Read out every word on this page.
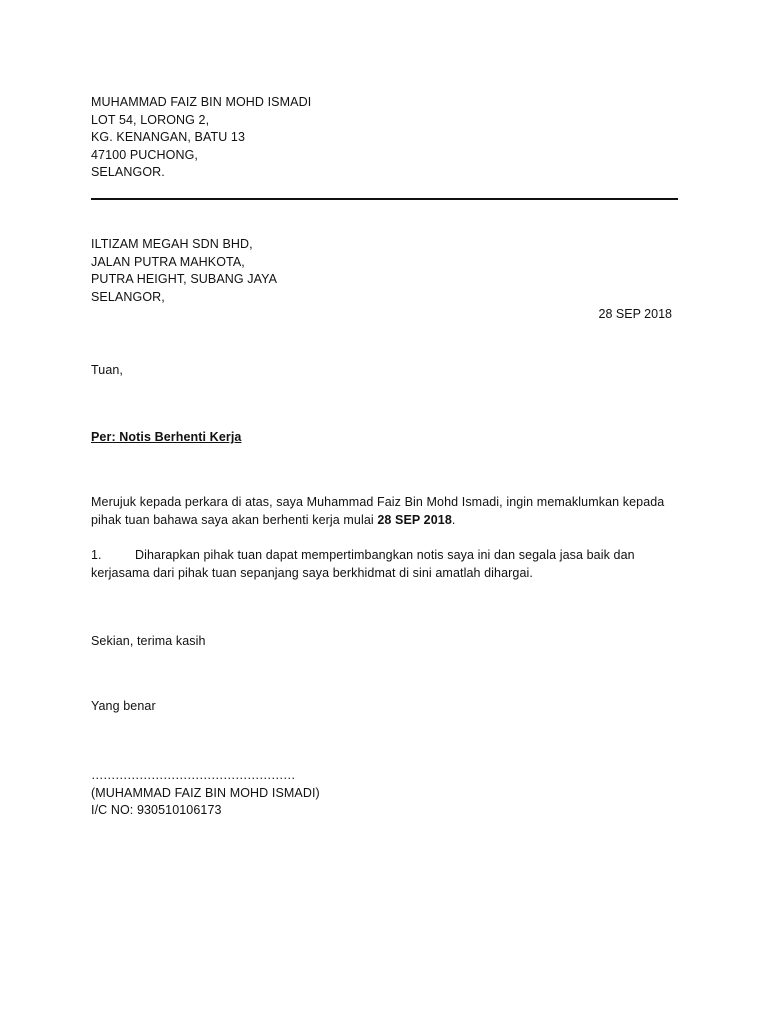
MUHAMMAD FAIZ BIN MOHD ISMADI
LOT 54, LORONG 2,
KG. KENANGAN, BATU 13
47100 PUCHONG,
SELANGOR.
ILTIZAM MEGAH SDN BHD,
JALAN PUTRA MAHKOTA,
PUTRA HEIGHT, SUBANG JAYA
SELANGOR,
28 SEP 2018
Tuan,
Per: Notis Berhenti Kerja
Merujuk kepada perkara di atas, saya Muhammad Faiz Bin Mohd Ismadi, ingin memaklumkan kepada
pihak tuan bahawa saya akan berhenti kerja mulai 28 SEP 2018.
1.	Diharapkan pihak tuan dapat mempertimbangkan notis saya ini dan segala jasa baik dan
kerjasama dari pihak tuan sepanjang saya berkhidmat di sini amatlah dihargai.
Sekian, terima kasih
Yang benar
……………………………………………
(MUHAMMAD FAIZ BIN MOHD ISMADI)
I/C NO: 930510106173
